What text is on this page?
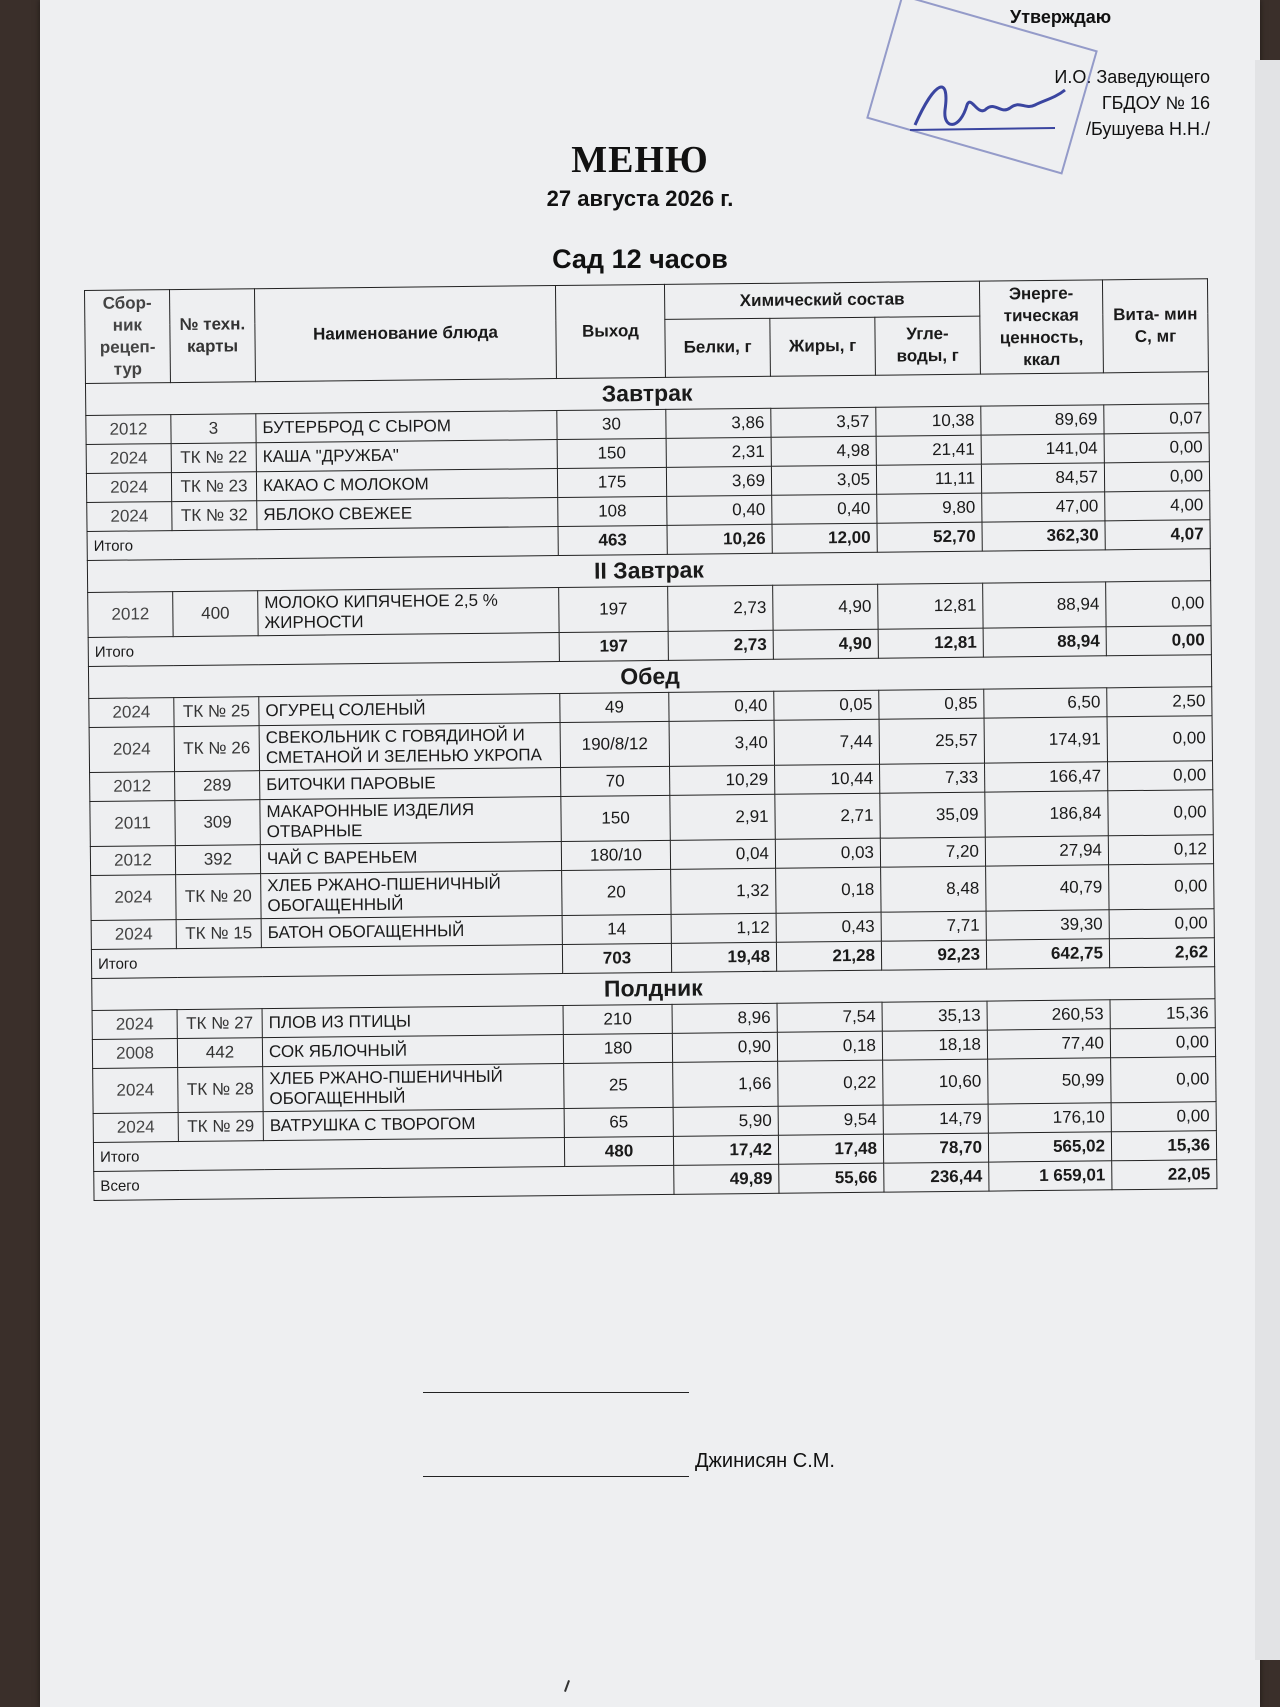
Утверждаю
И.О. Заведующего
ГБДОУ № 16
/Бушуева Н.Н./
МЕНЮ
27 августа 2026 г.
Сад 12 часов
Сбор- ник рецеп- тур	№ техн. карты	Наименование блюда	Выход	Химический состав			Энерге- тическая ценность, ккал	Вита- мин С, мг
				Белки, г	Жиры, г	Угле- воды, г		
Завтрак								
2012	3	БУТЕРБРОД С СЫРОМ	30	3,86	3,57	10,38	89,69	0,07
2024	ТК № 22	КАША "ДРУЖБА"	150	2,31	4,98	21,41	141,04	0,00
2024	ТК № 23	КАКАО С МОЛОКОМ	175	3,69	3,05	11,11	84,57	0,00
2024	ТК № 32	ЯБЛОКО СВЕЖЕЕ	108	0,40	0,40	9,80	47,00	4,00
Итого			463	10,26	12,00	52,70	362,30	4,07
II Завтрак								
2012	400	МОЛОКО КИПЯЧЕНОЕ 2,5 % ЖИРНОСТИ	197	2,73	4,90	12,81	88,94	0,00
Итого			197	2,73	4,90	12,81	88,94	0,00
Обед								
2024	ТК № 25	ОГУРЕЦ СОЛЕНЫЙ	49	0,40	0,05	0,85	6,50	2,50
2024	ТК № 26	СВЕКОЛЬНИК С ГОВЯДИНОЙ И СМЕТАНОЙ И ЗЕЛЕНЬЮ УКРОПА	190/8/12	3,40	7,44	25,57	174,91	0,00
2012	289	БИТОЧКИ ПАРОВЫЕ	70	10,29	10,44	7,33	166,47	0,00
2011	309	МАКАРОННЫЕ ИЗДЕЛИЯ ОТВАРНЫЕ	150	2,91	2,71	35,09	186,84	0,00
2012	392	ЧАЙ С ВАРЕНЬЕМ	180/10	0,04	0,03	7,20	27,94	0,12
2024	ТК № 20	ХЛЕБ РЖАНО-ПШЕНИЧНЫЙ ОБОГАЩЕННЫЙ	20	1,32	0,18	8,48	40,79	0,00
2024	ТК № 15	БАТОН ОБОГАЩЕННЫЙ	14	1,12	0,43	7,71	39,30	0,00
Итого			703	19,48	21,28	92,23	642,75	2,62
Полдник								
2024	ТК № 27	ПЛОВ ИЗ ПТИЦЫ	210	8,96	7,54	35,13	260,53	15,36
2008	442	СОК ЯБЛОЧНЫЙ	180	0,90	0,18	18,18	77,40	0,00
2024	ТК № 28	ХЛЕБ РЖАНО-ПШЕНИЧНЫЙ ОБОГАЩЕННЫЙ	25	1,66	0,22	10,60	50,99	0,00
2024	ТК № 29	ВАТРУШКА С ТВОРОГОМ	65	5,90	9,54	14,79	176,10	0,00
Итого			480	17,42	17,48	78,70	565,02	15,36
Всего				49,89	55,66	236,44	1 659,01	22,05
Джинисян С.М.
